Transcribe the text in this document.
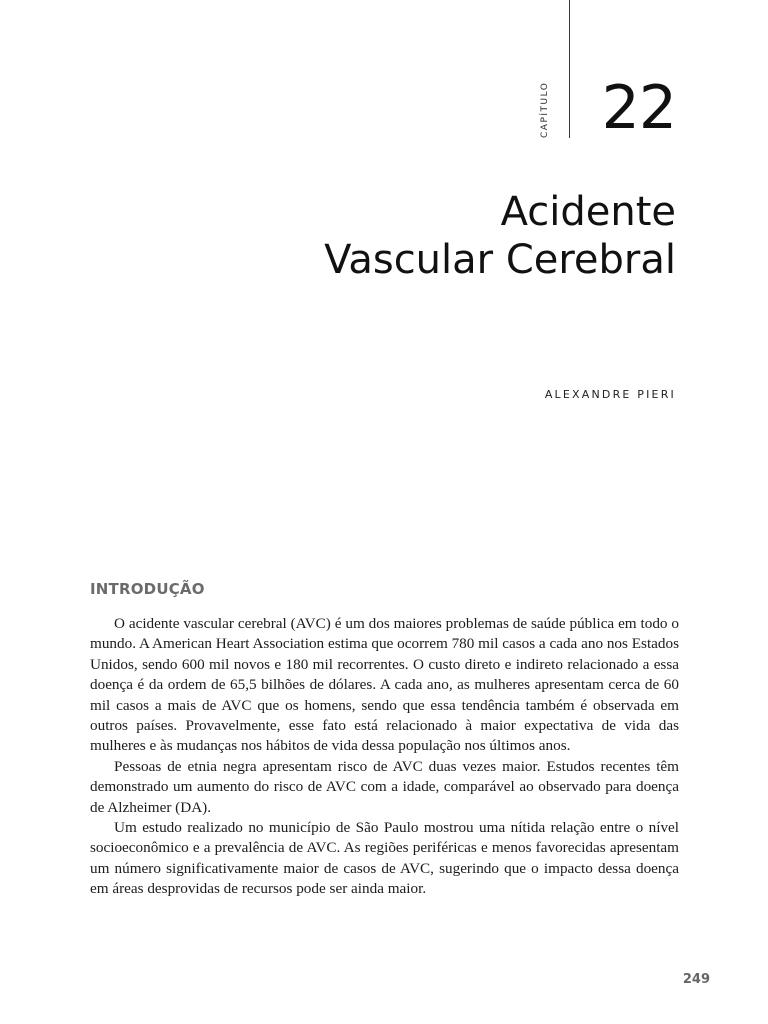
CAPÍTULO 22
Acidente
Vascular Cerebral
ALEXANDRE PIERI
INTRODUÇÃO

O acidente vascular cerebral (AVC) é um dos maiores problemas de saúde pública em todo o mundo. A American Heart Association estima que ocorrem 780 mil casos a cada ano nos Estados Unidos, sendo 600 mil novos e 180 mil recorrentes. O custo direto e indireto relacionado a essa doença é da ordem de 65,5 bilhões de dólares. A cada ano, as mulheres apresentam cerca de 60 mil casos a mais de AVC que os homens, sendo que essa tendência também é observada em outros países. Provavelmente, esse fato está relacionado à maior expectativa de vida das mulheres e às mudanças nos hábitos de vida dessa população nos últimos anos.

Pessoas de etnia negra apresentam risco de AVC duas vezes maior. Estudos recentes têm demonstrado um aumento do risco de AVC com a idade, comparável ao observado para doença de Alzheimer (DA).

Um estudo realizado no município de São Paulo mostrou uma nítida relação entre o nível socioeconômico e a prevalência de AVC. As regiões periféricas e menos favorecidas apresentam um número significativamente maior de casos de AVC, sugerindo que o impacto dessa doença em áreas desprovidas de recursos pode ser ainda maior.

249
